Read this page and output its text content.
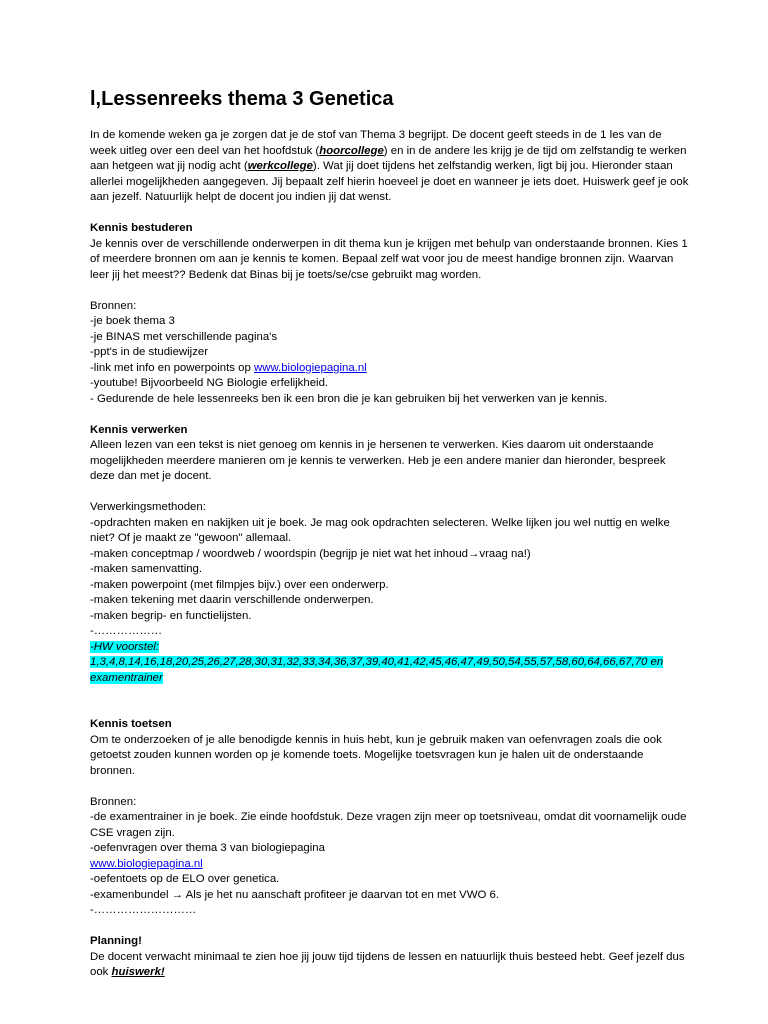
l,Lessenreeks thema 3 Genetica

In de komende weken ga je zorgen dat je de stof van Thema 3 begrijpt. De docent geeft steeds in de 1 les van de week uitleg over een deel van het hoofdstuk (hoorcollege) en in de andere les krijg je de tijd om zelfstandig te werken aan hetgeen wat jij nodig acht (werkcollege). Wat jij doet tijdens het zelfstandig werken, ligt bij jou. Hieronder staan allerlei mogelijkheden aangegeven. Jij bepaalt zelf hierin hoeveel je doet en wanneer je iets doet. Huiswerk geef je ook aan jezelf. Natuurlijk helpt de docent jou indien jij dat wenst.

Kennis bestuderen

Je kennis over de verschillende onderwerpen in dit thema kun je krijgen met behulp van onderstaande bronnen. Kies 1 of meerdere bronnen om aan je kennis te komen. Bepaal zelf wat voor jou de meest handige bronnen zijn. Waarvan leer jij het meest?? Bedenk dat Binas bij je toets/se/cse gebruikt mag worden.

Bronnen:

-je boek thema 3

-je BINAS met verschillende pagina's

-ppt's in de studiewijzer

-link met info en powerpoints op www.biologiepagina.nl

-youtube! Bijvoorbeeld NG Biologie erfelijkheid.

- Gedurende de hele lessenreeks ben ik een bron die je kan gebruiken bij het verwerken van je kennis.

Kennis verwerken

Alleen lezen van een tekst is niet genoeg om kennis in je hersenen te verwerken. Kies daarom uit onderstaande mogelijkheden meerdere manieren om je kennis te verwerken. Heb je een andere manier dan hieronder, bespreek deze dan met je docent.

Verwerkingsmethoden:

-opdrachten maken en nakijken uit je boek. Je mag ook opdrachten selecteren. Welke lijken jou wel nuttig en welke niet? Of je maakt ze "gewoon" allemaal.

-maken conceptmap / woordweb / woordspin (begrijp je niet wat het inhoud→vraag na!)

-maken samenvatting.

-maken powerpoint (met filmpjes bijv.) over een onderwerp.

-maken tekening met daarin verschillende onderwerpen.

-maken begrip- en functielijsten.

-………………

-HW voorstel: 1,3,4,8,14,16,18,20,25,26,27,28,30,31,32,33,34,36,37,39,40,41,42,45,46,47,49,50,54,55,57,58,60,64,66,67,70 en examentrainer

Kennis toetsen

Om te onderzoeken of je alle benodigde kennis in huis hebt, kun je gebruik maken van oefenvragen zoals die ook getoetst zouden kunnen worden op je komende toets. Mogelijke toetsvragen kun je halen uit de onderstaande bronnen.

Bronnen:

-de examentrainer in je boek. Zie einde hoofdstuk. Deze vragen zijn meer op toetsniveau, omdat dit voornamelijk oude CSE vragen zijn.

-oefenvragen over thema 3 van biologiepagina

www.biologiepagina.nl

-oefentoets op de ELO over genetica.

-examenbundel → Als je het nu aanschaft profiteer je daarvan tot en met VWO 6.

-………………………

Planning!

De docent verwacht minimaal te zien hoe jij jouw tijd tijdens de lessen en natuurlijk thuis besteed hebt. Geef jezelf dus ook huiswerk!
